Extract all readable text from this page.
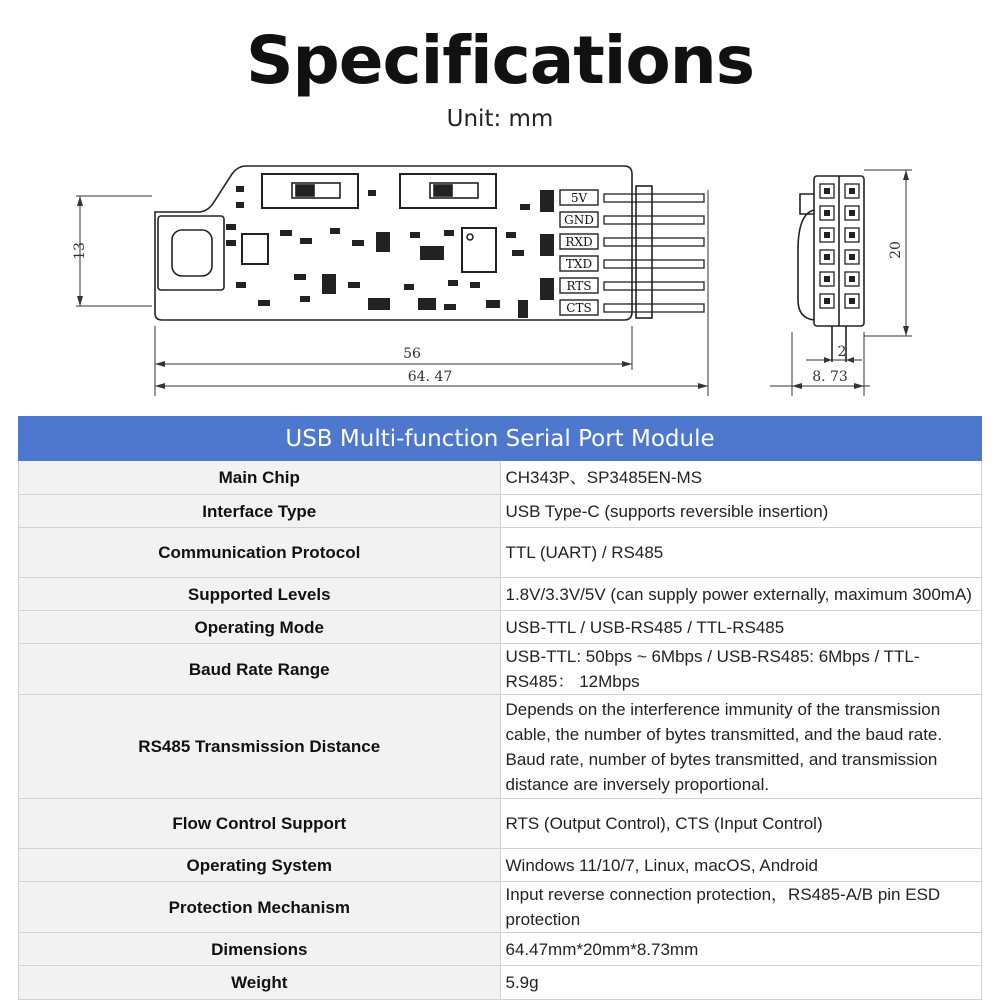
Specifications
Unit: mm
5V
GND
RXD
TXD
RTS
CTS
13
56
64. 47
20
2
8. 73
USB Multi-function Serial Port Module	
Main Chip	CH343P、SP3485EN-MS
Interface Type	USB Type-C (supports reversible insertion)
Communication Protocol	TTL (UART) / RS485
Supported Levels	1.8V/3.3V/5V (can supply power externally, maximum 300mA)
Operating Mode	USB-TTL / USB-RS485 / TTL-RS485
Baud Rate Range	USB-TTL: 50bps ~ 6Mbps / USB-RS485: 6Mbps / TTL-RS485： 12Mbps
RS485 Transmission Distance	Depends on the interference immunity of the transmission cable, the number of bytes transmitted, and the baud rate.
Baud rate, number of bytes transmitted, and transmission distance are inversely proportional.
Flow Control Support	RTS (Output Control), CTS (Input Control)
Operating System	Windows 11/10/7, Linux, macOS, Android
Protection Mechanism	Input reverse connection protection，RS485-A/B pin ESD protection
Dimensions	64.47mm*20mm*8.73mm
Weight	5.9g
